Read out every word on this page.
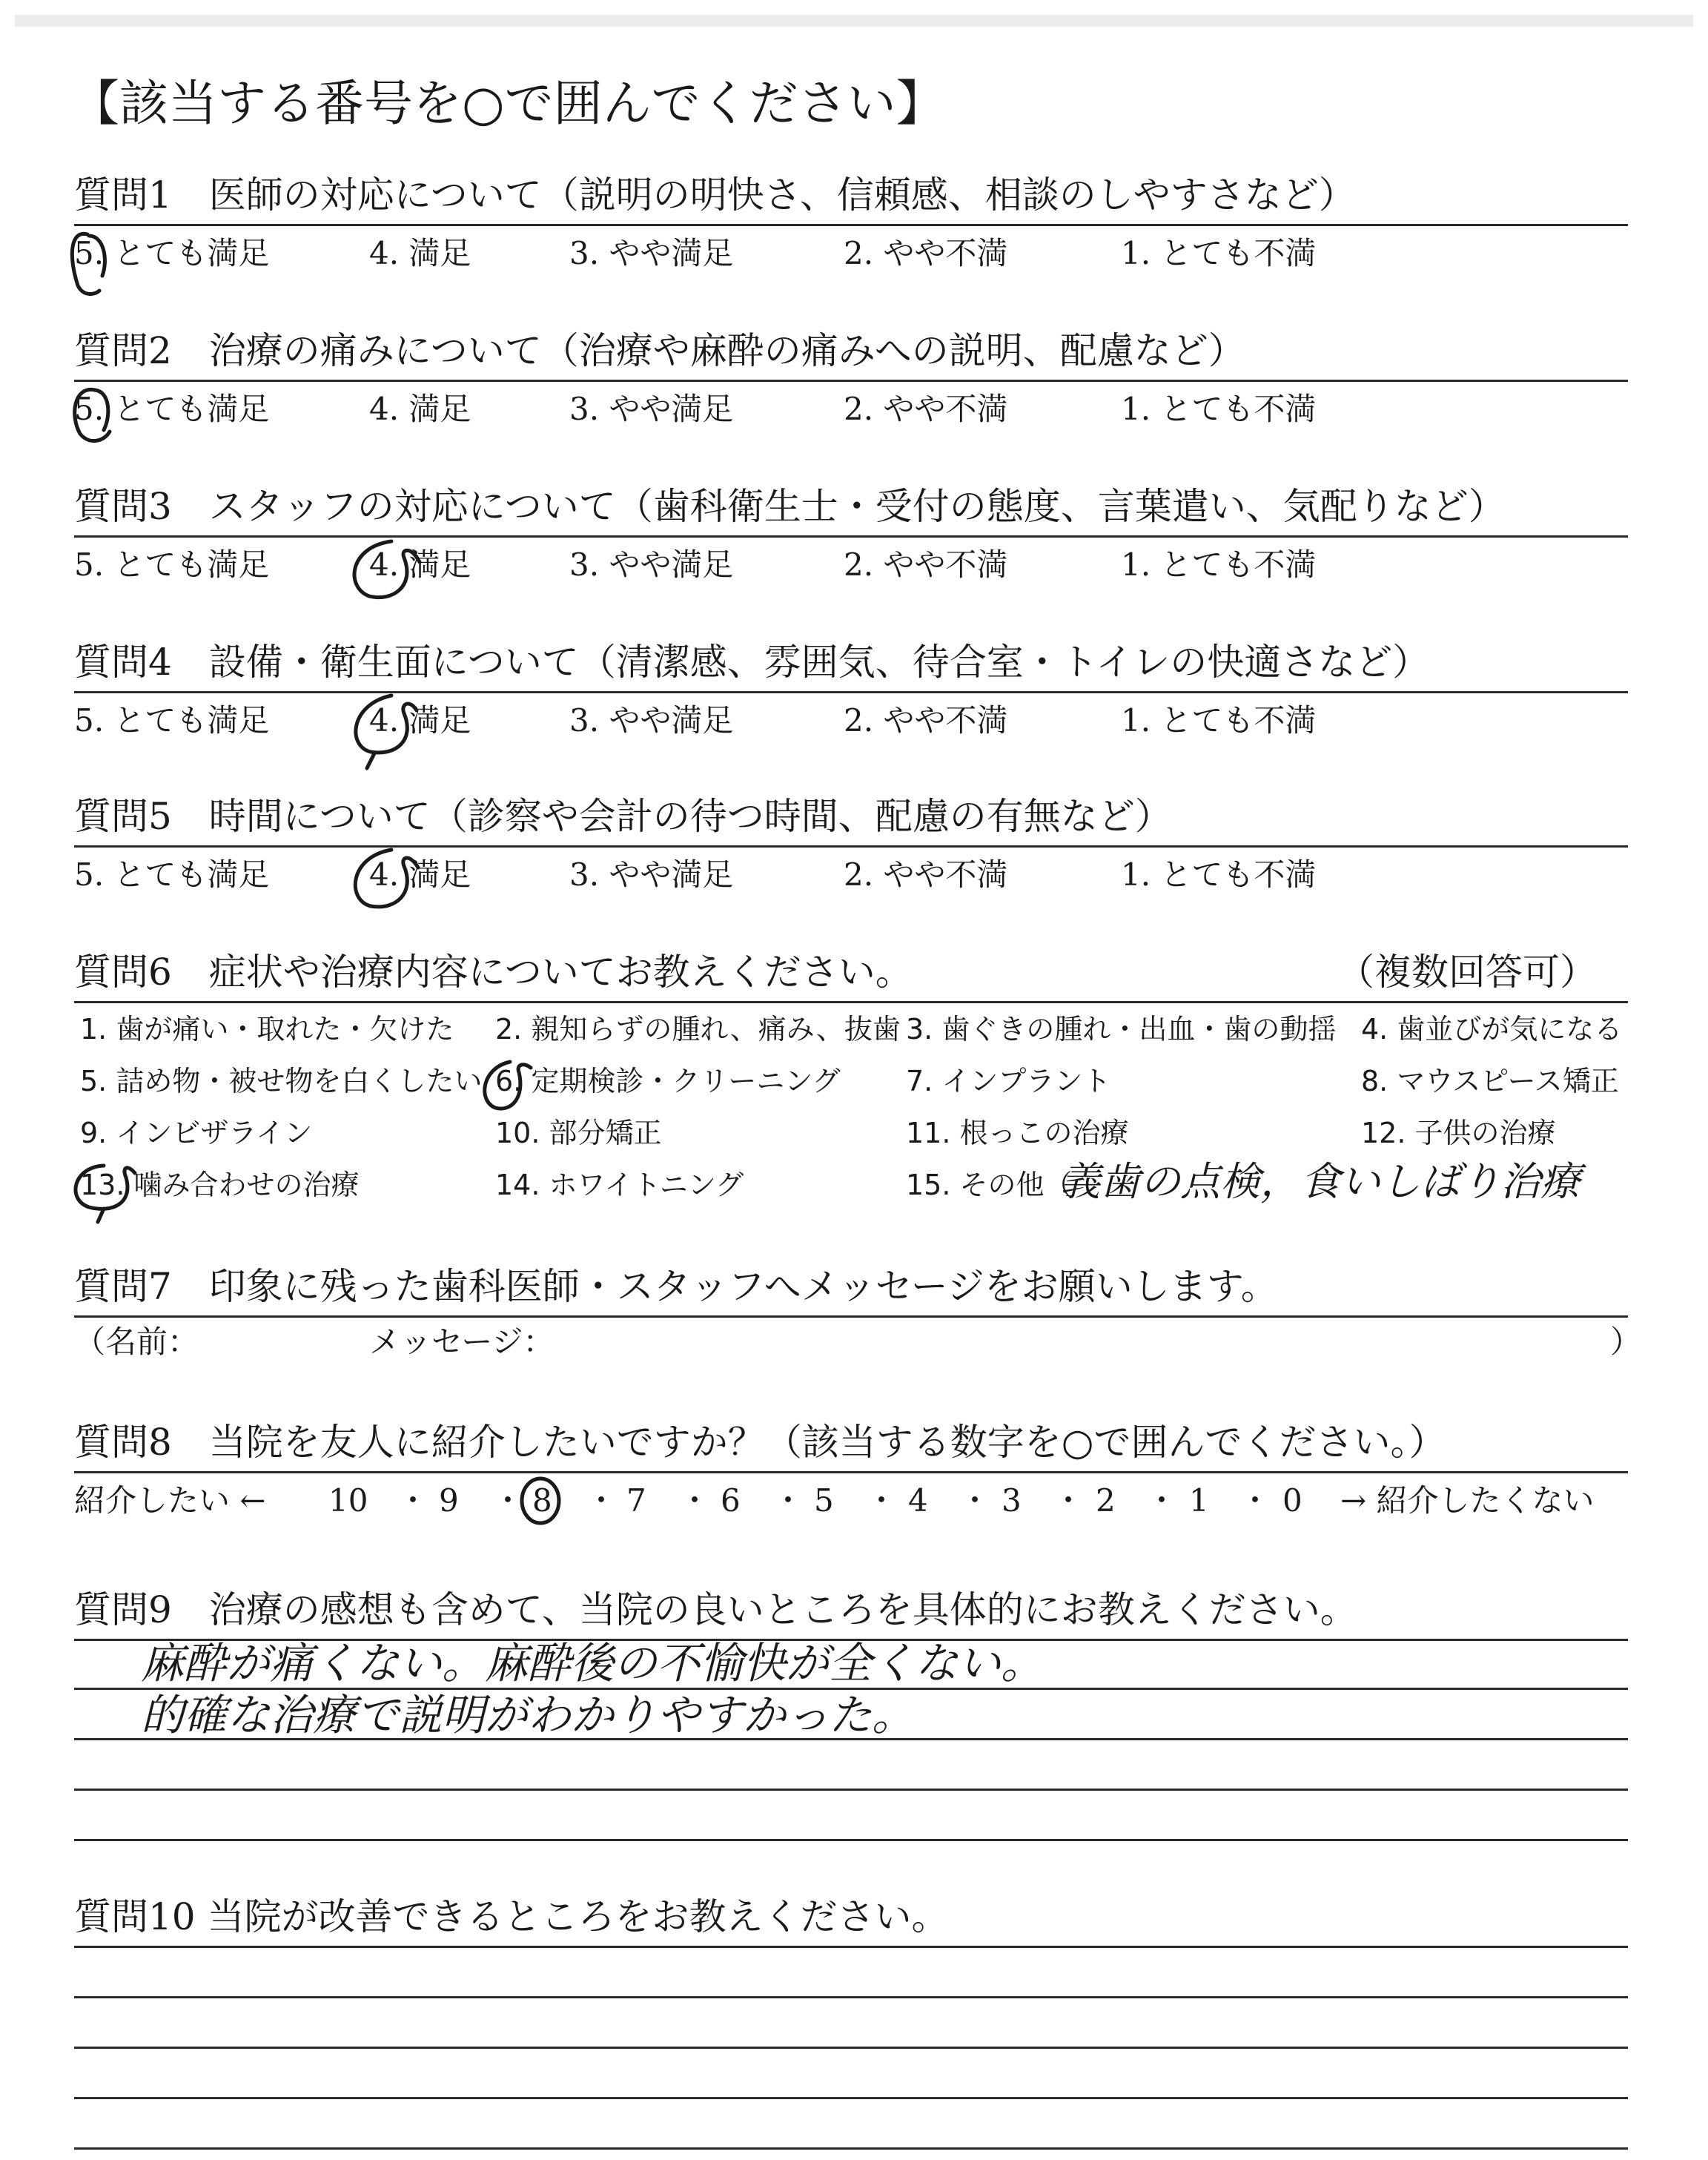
【該当する番号を○で囲んでください】
質問1　医師の対応について（説明の明快さ、信頼感、相談のしやすさなど）
5. とても満足	4. 満足	3. やや満足	2. やや不満	1. とても不満
質問2　治療の痛みについて（治療や麻酔の痛みへの説明、配慮など）
5. とても満足	4. 満足	3. やや満足	2. やや不満	1. とても不満
質問3　スタッフの対応について（歯科衛生士・受付の態度、言葉遣い、気配りなど）
5. とても満足	4. 満足	3. やや満足	2. やや不満	1. とても不満
質問4　設備・衛生面について（清潔感、雰囲気、待合室・トイレの快適さなど）
5. とても満足	4. 満足	3. やや満足	2. やや不満	1. とても不満
質問5　時間について（診察や会計の待つ時間、配慮の有無など）
5. とても満足	4. 満足	3. やや満足	2. やや不満	1. とても不満
質問6　症状や治療内容についてお教えください。	（複数回答可）
1. 歯が痛い・取れた・欠けた 2. 親知らずの腫れ、痛み、抜歯 3. 歯ぐきの腫れ・出血・歯の動揺 4. 歯並びが気になる
5. 詰め物・被せ物を白くしたい 6. 定期検診・クリーニング 7. インプラント	8. マウスピース矯正
9. インビザライン	10. 部分矯正	11. 根っこの治療	12. 子供の治療
13. 噛み合わせの治療	14. ホワイトニング	15. その他（
義歯の点検，食いしばり治療
質問7　印象に残った歯科医師・スタッフへメッセージをお願いします。
（名前：	メッセージ：	）
質問8　当院を友人に紹介したいですか？（該当する数字を○で囲んでください。）
紹介したい ← 10 ・ 9 ・ 8 ・ 7 ・ 6 ・ 5 ・ 4 ・ 3 ・ 2 ・ 1 ・ 0 → 紹介したくない
質問9　治療の感想も含めて、当院の良いところを具体的にお教えください。
麻酔が痛くない。麻酔後の不愉快が全くない。
的確な治療で説明がわかりやすかった。
質問10 当院が改善できるところをお教えください。
